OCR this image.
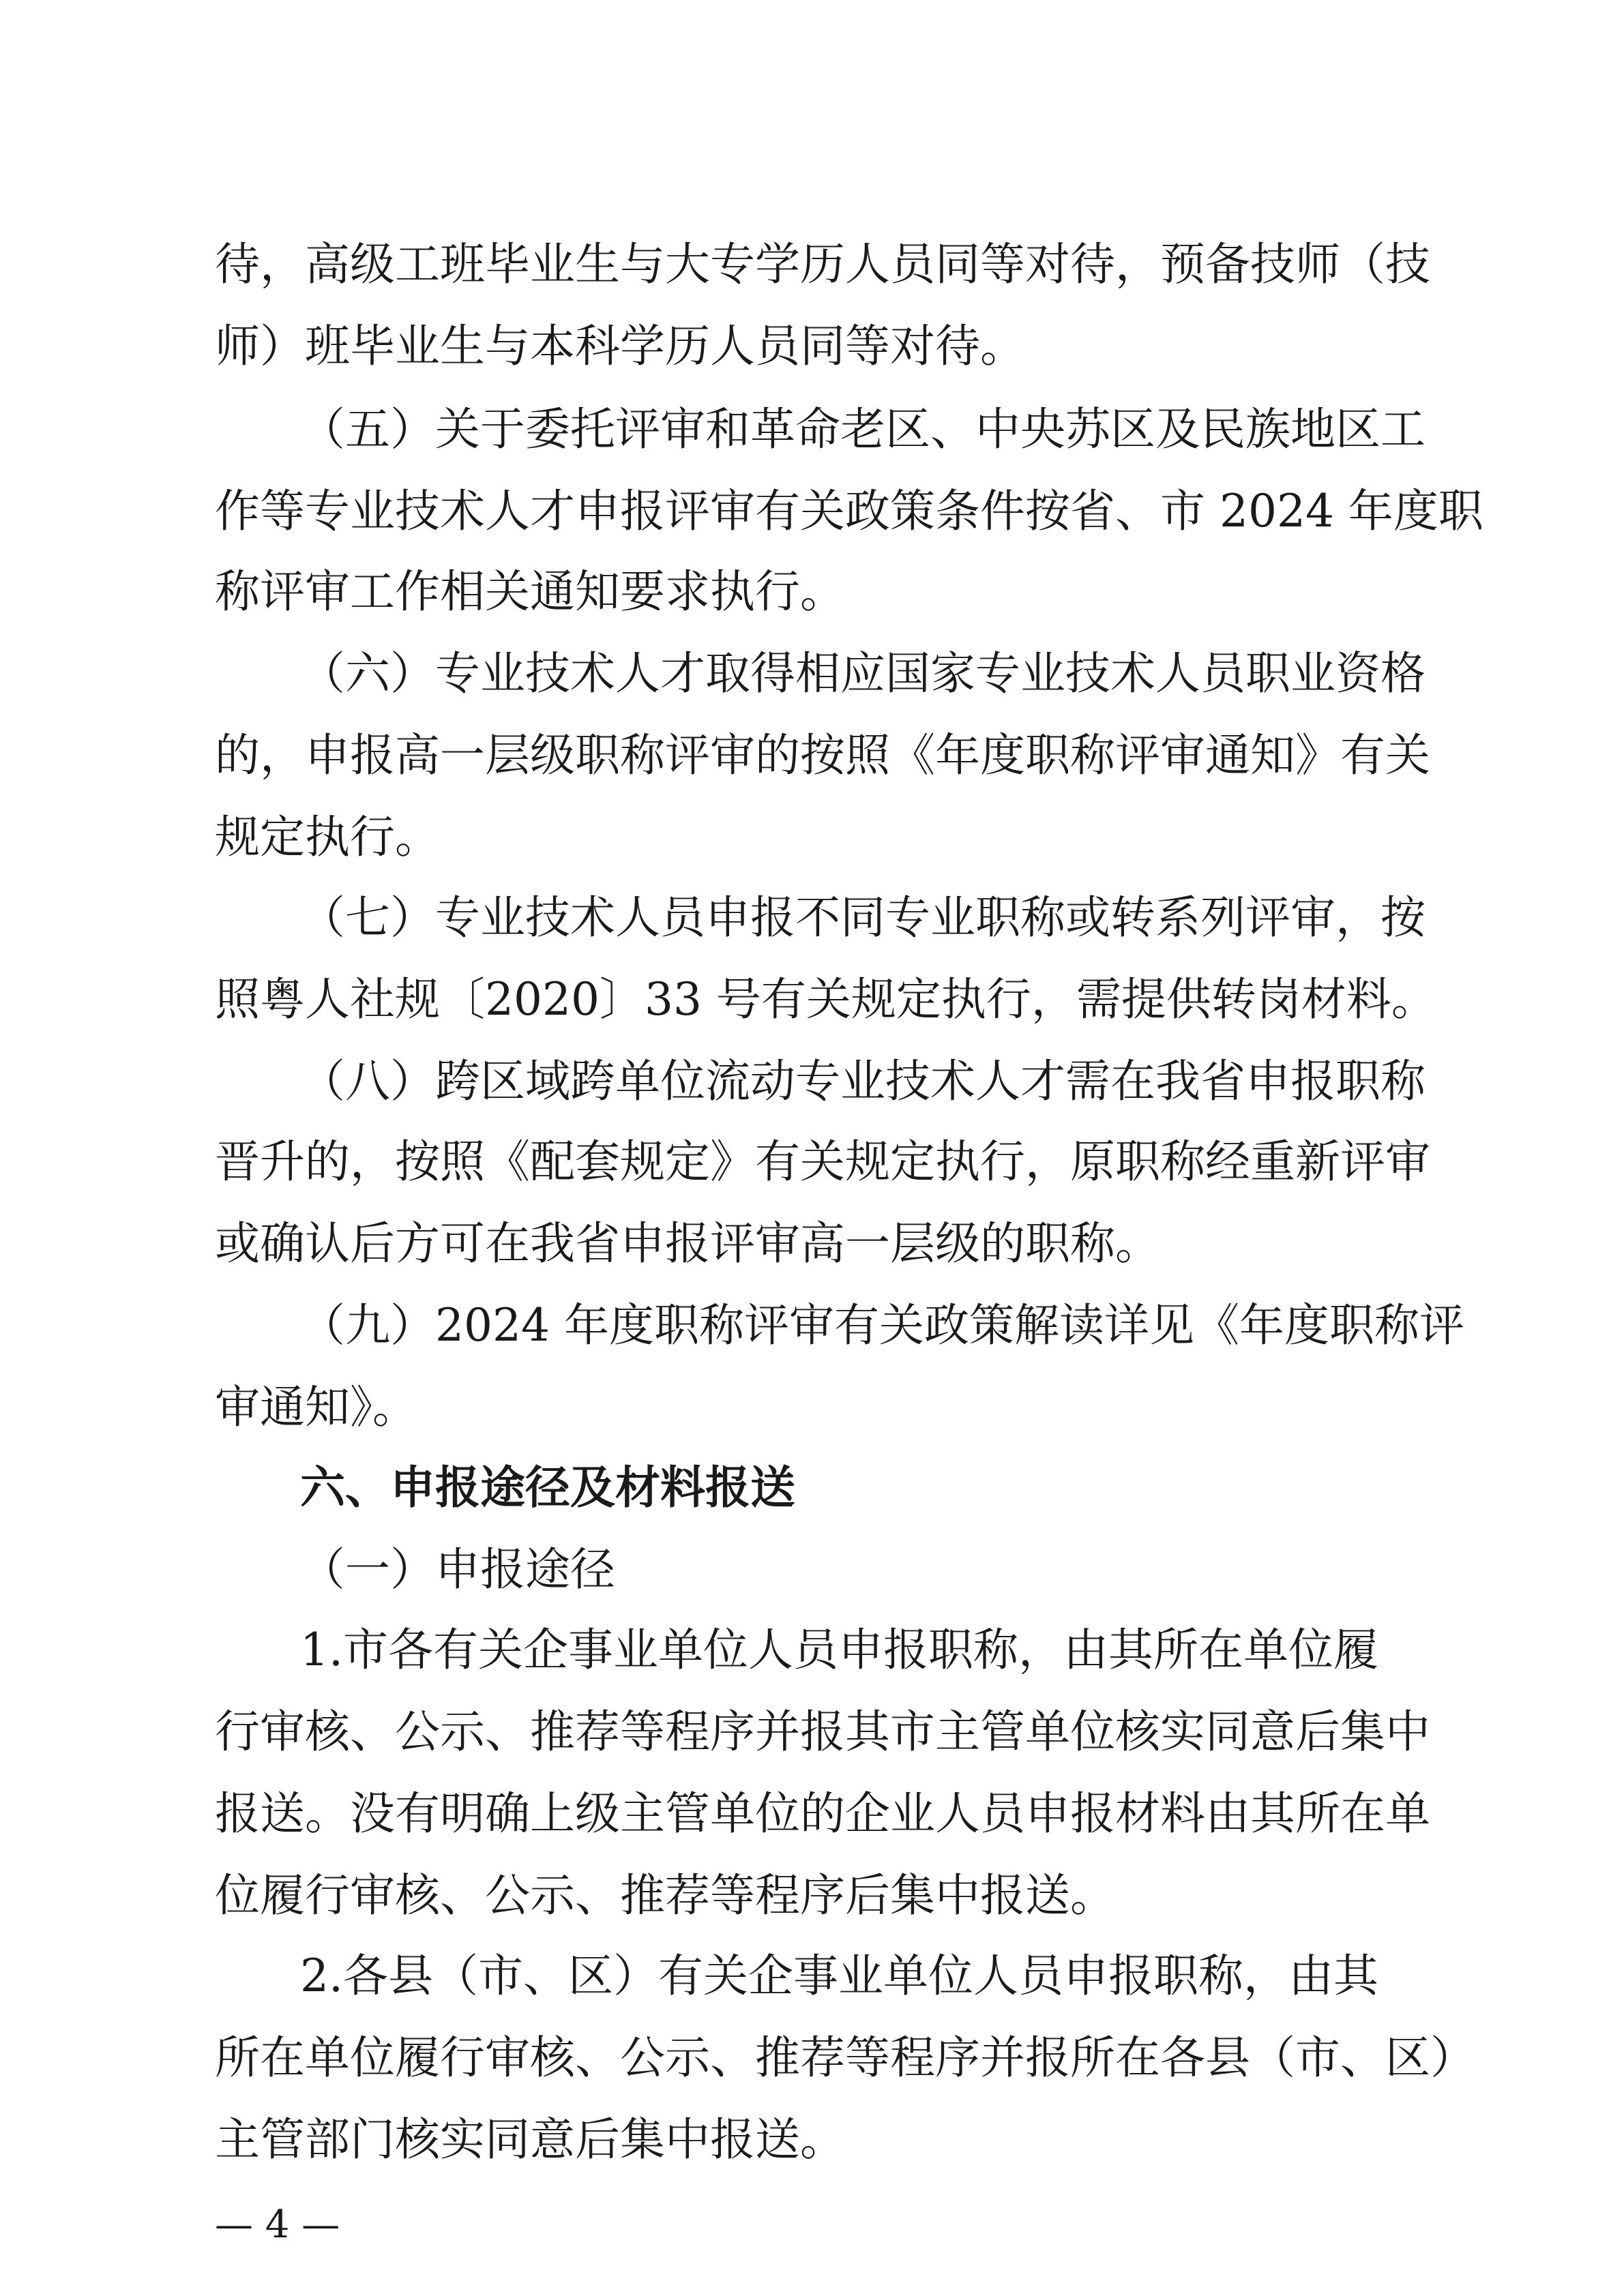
待，高级工班毕业生与大专学历人员同等对待，预备技师（技
师）班毕业生与本科学历人员同等对待。
（五）关于委托评审和革命老区、中央苏区及民族地区工
作等专业技术人才申报评审有关政策条件按省、市 2024 年度职
称评审工作相关通知要求执行。
（六）专业技术人才取得相应国家专业技术人员职业资格
的，申报高一层级职称评审的按照《年度职称评审通知》有关
规定执行。
（七）专业技术人员申报不同专业职称或转系列评审，按
照粤人社规〔2020〕33 号有关规定执行，需提供转岗材料。
（八）跨区域跨单位流动专业技术人才需在我省申报职称
晋升的，按照《配套规定》有关规定执行，原职称经重新评审
或确认后方可在我省申报评审高一层级的职称。
（九）2024 年度职称评审有关政策解读详见《年度职称评
审通知》。
六、申报途径及材料报送
（一）申报途径
1.市各有关企事业单位人员申报职称，由其所在单位履
行审核、公示、推荐等程序并报其市主管单位核实同意后集中
报送。没有明确上级主管单位的企业人员申报材料由其所在单
位履行审核、公示、推荐等程序后集中报送。
2.各县（市、区）有关企事业单位人员申报职称，由其
所在单位履行审核、公示、推荐等程序并报所在各县（市、区）
主管部门核实同意后集中报送。
— 4 —
